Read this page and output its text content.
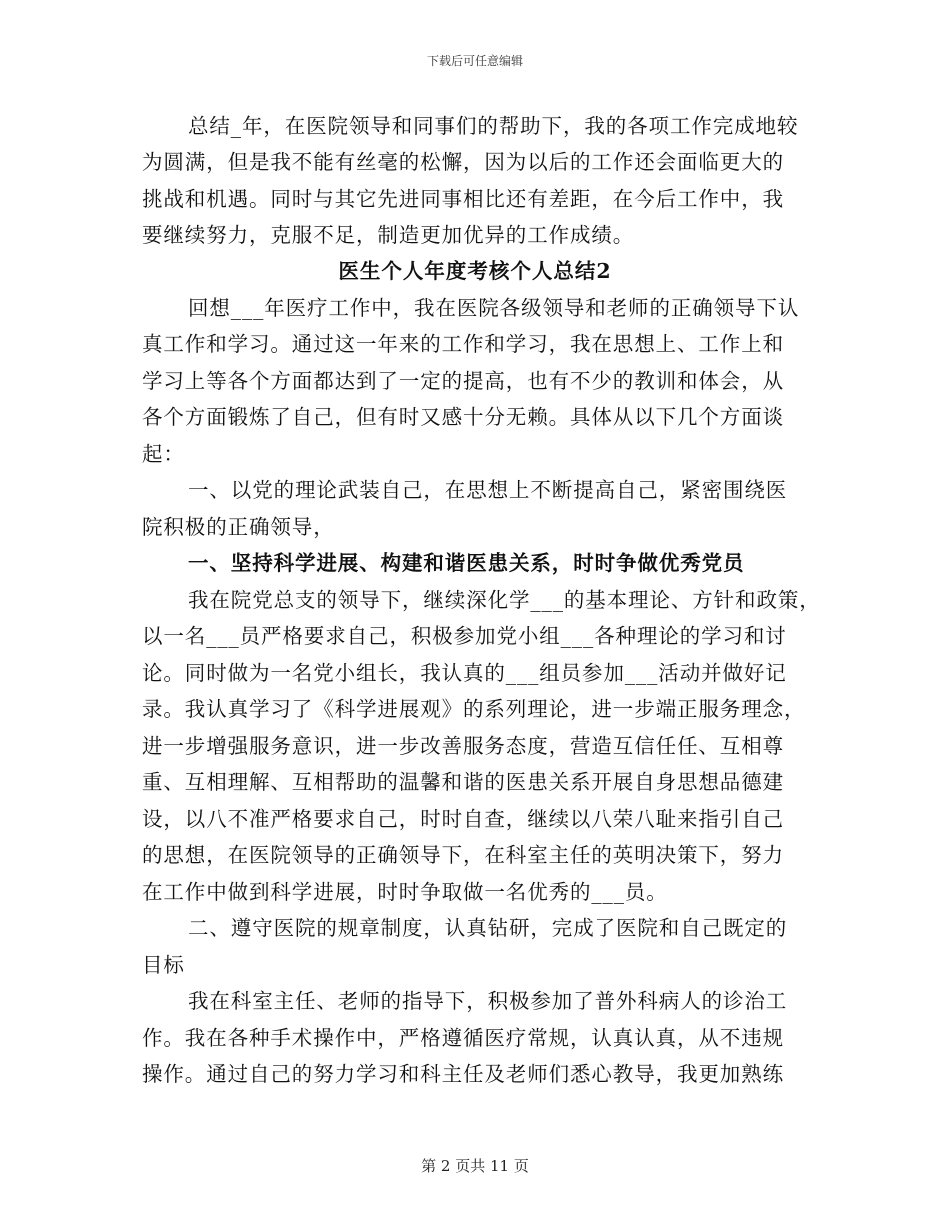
下载后可任意编辑
总结_年，在医院领导和同事们的帮助下，我的各项工作完成地较
为圆满，但是我不能有丝毫的松懈，因为以后的工作还会面临更大的
挑战和机遇。同时与其它先进同事相比还有差距，在今后工作中，我
要继续努力，克服不足，制造更加优异的工作成绩。
医生个人年度考核个人总结2
回想___年医疗工作中，我在医院各级领导和老师的正确领导下认
真工作和学习。通过这一年来的工作和学习，我在思想上、工作上和
学习上等各个方面都达到了一定的提高，也有不少的教训和体会，从
各个方面锻炼了自己，但有时又感十分无赖。具体从以下几个方面谈
起：
一、以党的理论武装自己，在思想上不断提高自己，紧密围绕医
院积极的正确领导，
一、坚持科学进展、构建和谐医患关系，时时争做优秀党员
我在院党总支的领导下，继续深化学___的基本理论、方针和政策，
以一名___员严格要求自己，积极参加党小组___各种理论的学习和讨
论。同时做为一名党小组长，我认真的___组员参加___活动并做好记
录。我认真学习了《科学进展观》的系列理论，进一步端正服务理念，
进一步增强服务意识，进一步改善服务态度，营造互信任任、互相尊
重、互相理解、互相帮助的温馨和谐的医患关系开展自身思想品德建
设，以八不准严格要求自己，时时自查，继续以八荣八耻来指引自己
的思想，在医院领导的正确领导下，在科室主任的英明决策下，努力
在工作中做到科学进展，时时争取做一名优秀的___员。
二、遵守医院的规章制度，认真钻研，完成了医院和自己既定的
目标
我在科室主任、老师的指导下，积极参加了普外科病人的诊治工
作。我在各种手术操作中，严格遵循医疗常规，认真认真，从不违规
操作。通过自己的努力学习和科主任及老师们悉心教导，我更加熟练
第 2 页共 11 页
